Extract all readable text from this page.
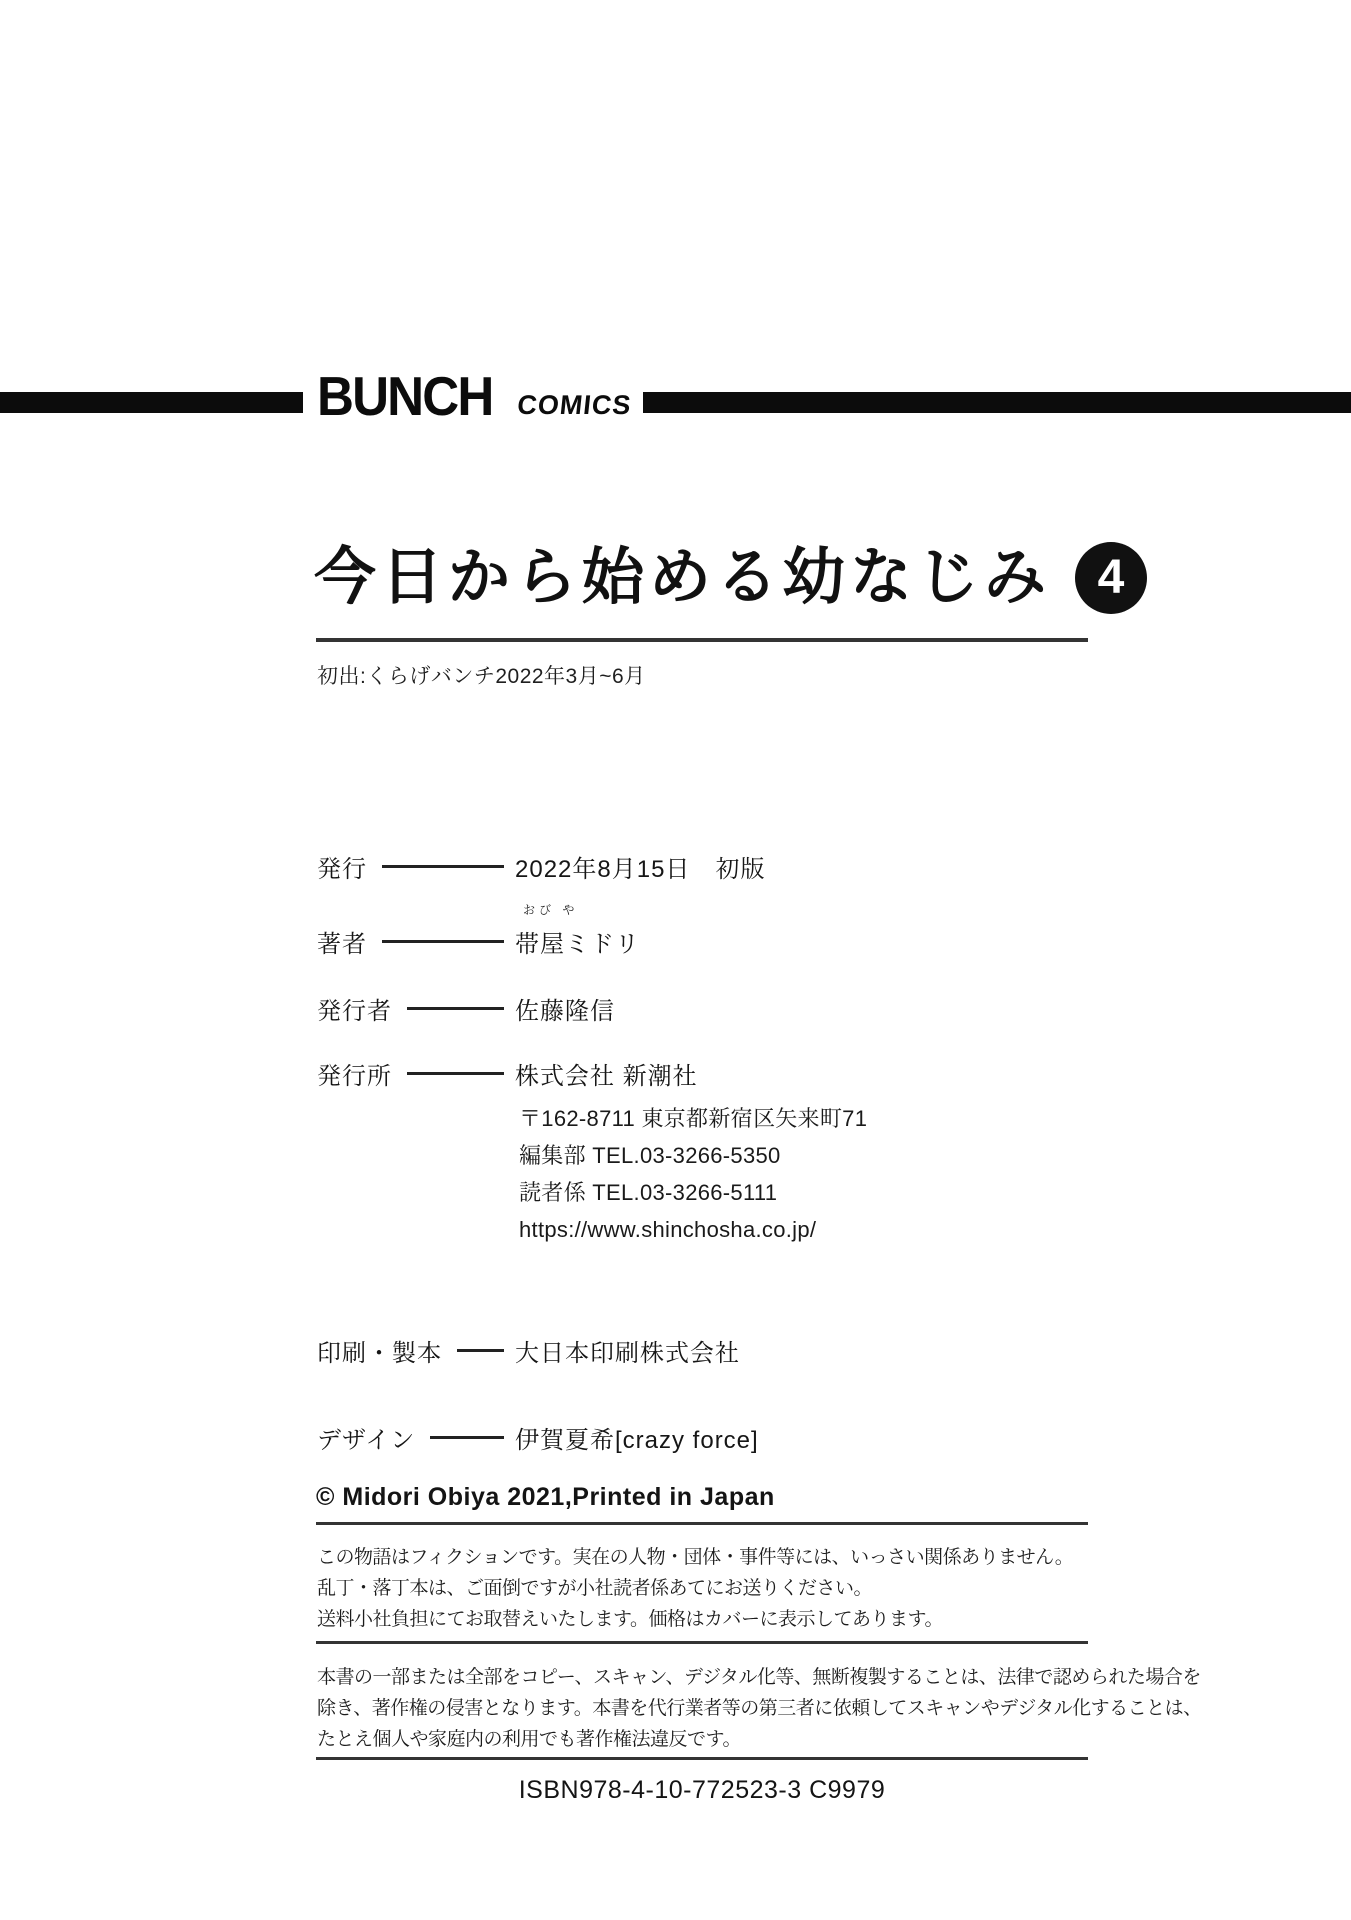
BUNCH COMICS
今日から始める幼なじみ 4
初出:くらげバンチ2022年3月~6月
発行	2022年8月15日　初版
おび や
著者	帯屋ミドリ
発行者	佐藤隆信
発行所	株式会社 新潮社
〒162-8711 東京都新宿区矢来町71
編集部 TEL.03-3266-5350
読者係 TEL.03-3266-5111
https://www.shinchosha.co.jp/
印刷・製本	大日本印刷株式会社
デザイン	伊賀夏希[crazy force]
© Midori Obiya 2021,Printed in Japan
この物語はフィクションです。実在の人物・団体・事件等には、いっさい関係ありません。
乱丁・落丁本は、ご面倒ですが小社読者係あてにお送りください。
送料小社負担にてお取替えいたします。価格はカバーに表示してあります。
本書の一部または全部をコピー、スキャン、デジタル化等、無断複製することは、法律で認められた場合を
除き、著作権の侵害となります。本書を代行業者等の第三者に依頼してスキャンやデジタル化することは、
たとえ個人や家庭内の利用でも著作権法違反です。
ISBN978-4-10-772523-3 C9979
